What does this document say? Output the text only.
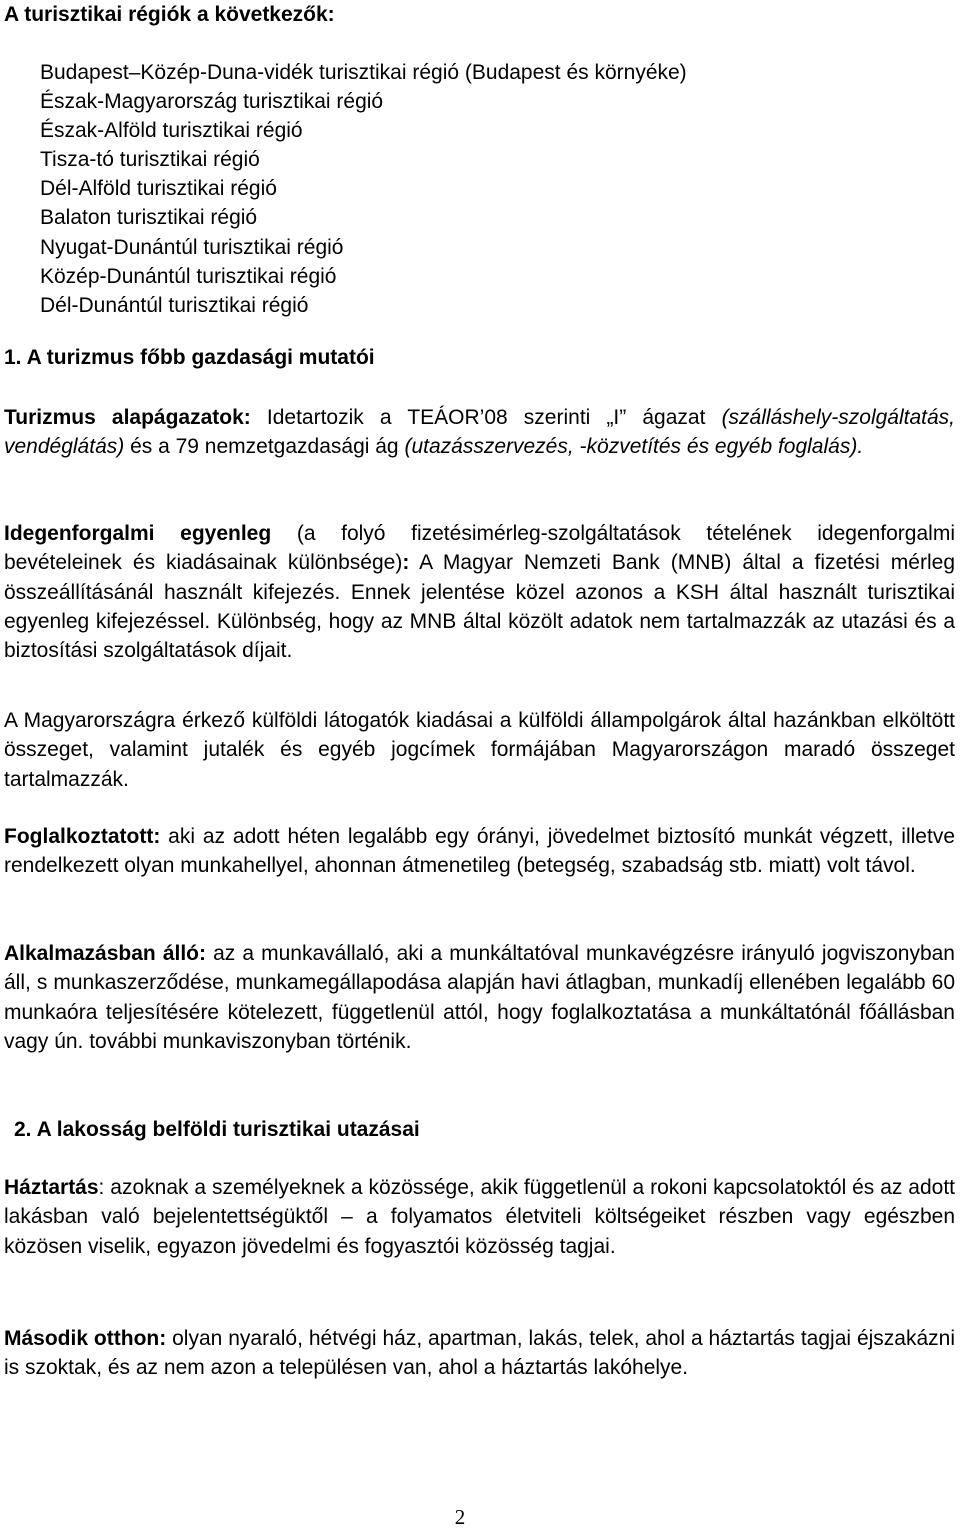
A turisztikai régiók a következők:
Budapest–Közép-Duna-vidék turisztikai régió (Budapest és környéke)
Észak-Magyarország turisztikai régió
Észak-Alföld turisztikai régió
Tisza-tó turisztikai régió
Dél-Alföld turisztikai régió
Balaton turisztikai régió
Nyugat-Dunántúl turisztikai régió
Közép-Dunántúl turisztikai régió
Dél-Dunántúl turisztikai régió
1. A turizmus főbb gazdasági mutatói

Turizmus alapágazatok: Idetartozik a TEÁOR’08 szerinti „I” ágazat (szálláshely-szolgáltatás, vendéglátás) és a 79 nemzetgazdasági ág (utazásszervezés, -közvetítés és egyéb foglalás).

Idegenforgalmi egyenleg (a folyó fizetésimérleg-szolgáltatások tételének idegenforgalmi bevételeinek és kiadásainak különbsége): A Magyar Nemzeti Bank (MNB) által a fizetési mérleg összeállításánál használt kifejezés. Ennek jelentése közel azonos a KSH által használt turisztikai egyenleg kifejezéssel. Különbség, hogy az MNB által közölt adatok nem tartalmazzák az utazási és a biztosítási szolgáltatások díjait.

A Magyarországra érkező külföldi látogatók kiadásai a külföldi állampolgárok által hazánkban elköltött összeget, valamint jutalék és egyéb jogcímek formájában Magyarországon maradó összeget tartalmazzák.

Foglalkoztatott: aki az adott héten legalább egy órányi, jövedelmet biztosító munkát végzett, illetve rendelkezett olyan munkahellyel, ahonnan átmenetileg (betegség, szabadság stb. miatt) volt távol.

Alkalmazásban álló: az a munkavállaló, aki a munkáltatóval munkavégzésre irányuló jogviszonyban áll, s munkaszerződése, munkamegállapodása alapján havi átlagban, munkadíj ellenében legalább 60 munkaóra teljesítésére kötelezett, függetlenül attól, hogy foglalkoztatása a munkáltatónál főállásban vagy ún. további munkaviszonyban történik.

2. A lakosság belföldi turisztikai utazásai

Háztartás: azoknak a személyeknek a közössége, akik függetlenül a rokoni kapcsolatoktól és az adott lakásban való bejelentettségüktől – a folyamatos életviteli költségeiket részben vagy egészben közösen viselik, egyazon jövedelmi és fogyasztói közösség tagjai.

Második otthon: olyan nyaraló, hétvégi ház, apartman, lakás, telek, ahol a háztartás tagjai éjszakázni is szoktak, és az nem azon a településen van, ahol a háztartás lakóhelye.

2
